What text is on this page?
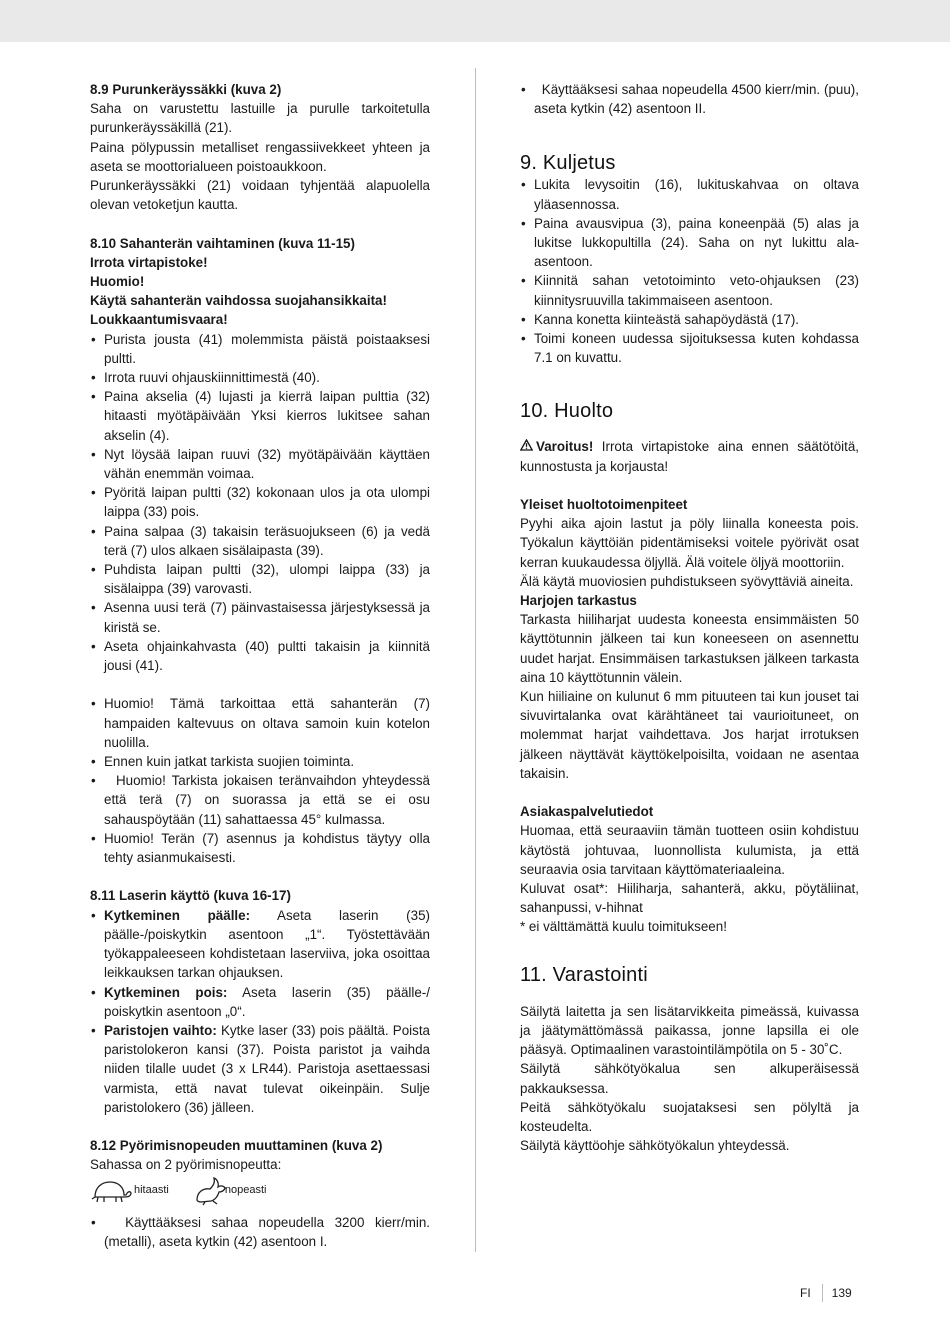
8.9 Purunkeräyssäkki (kuva 2)

Saha on varustettu lastuille ja purulle tarkoitetulla purunkeräyssäkillä (21).

Paina pölypussin metalliset rengassiivekkeet yhteen ja aseta se moottorialueen poistoaukkoon.

Purunkeräyssäkki (21) voidaan tyhjentää alapuolella olevan vetoketjun kautta.

8.10 Sahanterän vaihtaminen (kuva 11-15)

Irrota virtapistoke!

Huomio!

Käytä sahanterän vaihdossa suojahansikkaita!

Loukkaantumisvaara!

• Purista jousta (41) molemmista päistä poistaaksesi pultti.
• Irrota ruuvi ohjauskiinnittimestä (40).
• Paina akselia (4) lujasti ja kierrä laipan pulttia (32) hitaasti myötäpäivään Yksi kierros lukitsee sahan akselin (4).
• Nyt löysää laipan ruuvi (32) myötäpäivään käyttäen vähän enemmän voimaa.
• Pyöritä laipan pultti (32) kokonaan ulos ja ota ulompi laippa (33) pois.
• Paina salpaa (3) takaisin teräsuojukseen (6) ja vedä terä (7) ulos alkaen sisälaipasta (39).
• Puhdista laipan pultti (32), ulompi laippa (33) ja sisälaippa (39) varovasti.
• Asenna uusi terä (7) päinvastaisessa järjestyksessä ja kiristä se.
• Aseta ohjainkahvasta (40) pultti takaisin ja kiinnitä jousi (41).
• Huomio! Tämä tarkoittaa että sahanterän (7) hampaiden kaltevuus on oltava samoin kuin kotelon nuolilla.
• Ennen kuin jatkat tarkista suojien toiminta.
•   Huomio! Tarkista jokaisen teränvaihdon yhteydessä että terä (7) on suorassa ja että se ei osu sahauspöytään (11) sahattaessa 45° kulmassa.
• Huomio! Terän (7) asennus ja kohdistus täytyy olla tehty asianmukaisesti.

8.11 Laserin käyttö (kuva 16-17)

• Kytkeminen päälle: Aseta laserin (35) päälle-/poiskytkin asentoon „1“. Työstettävään työkappaleeseen kohdistetaan laserviiva, joka osoittaa leikkauksen tarkan ohjauksen.
• Kytkeminen pois: Aseta laserin (35) päälle-/ poiskytkin asentoon „0“.
• Paristojen vaihto: Kytke laser (33) pois päältä. Poista paristolokeron kansi (37). Poista paristot ja vaihda niiden tilalle uudet (3 x LR44). Paristoja asettaessasi varmista, että navat tulevat oikeinpäin. Sulje paristolokero (36) jälleen.

8.12 Pyörimisnopeuden muuttaminen (kuva 2)

Sahassa on 2 pyörimisnopeutta:

hitaasti	nopeasti
•   Käyttääksesi sahaa nopeudella 3200 kierr/min. (metalli), aseta kytkin (42) asentoon I.
•   Käyttääksesi sahaa nopeudella 4500 kierr/min. (puu), aseta kytkin (42) asentoon II.
9. Kuljetus
• Lukita levysoitin (16), lukituskahvaa on oltava yläasennossa.
• Paina avausvipua (3), paina koneenpää (5) alas ja lukitse lukkopultilla (24). Saha on nyt lukittu ala-asentoon.
• Kiinnitä sahan vetotoiminto veto-ohjauksen (23) kiinnitysruuvilla takimmaiseen asentoon.
• Kanna konetta kiinteästä sahapöydästä (17).
• Toimi koneen uudessa sijoituksessa kuten kohdassa 7.1 on kuvattu.
10. Huolto

Varoitus! Irrota virtapistoke aina ennen säätötöitä, kunnostusta ja korjausta!

Yleiset huoltotoimenpiteet

Pyyhi aika ajoin lastut ja pöly liinalla koneesta pois. Työkalun käyttöiän pidentämiseksi voitele pyörivät osat kerran kuukaudessa öljyllä. Älä voitele öljyä moottoriin.

Älä käytä muoviosien puhdistukseen syövyttäviä aineita.

Harjojen tarkastus

Tarkasta hiiliharjat uudesta koneesta ensimmäisten 50 käyttötunnin jälkeen tai kun koneeseen on asennettu uudet harjat. Ensimmäisen tarkastuksen jälkeen tarkasta aina 10 käyttötunnin välein.

Kun hiiliaine on kulunut 6 mm pituuteen tai kun jouset tai sivuvirtalanka ovat kärähtäneet tai vaurioituneet, on molemmat harjat vaihdettava. Jos harjat irrotuksen jälkeen näyttävät käyttökelpoisilta, voidaan ne asentaa takaisin.

Asiakaspalvelutiedot

Huomaa, että seuraaviin tämän tuotteen osiin kohdistuu käytöstä johtuvaa, luonnollista kulumista, ja että seuraavia osia tarvitaan käyttömateriaaleina.

Kuluvat osat*: Hiiliharja, sahanterä, akku, pöytäliinat, sahanpussi, v-hihnat

* ei välttämättä kuulu toimitukseen!

11. Varastointi

Säilytä laitetta ja sen lisätarvikkeita pimeässä, kuivassa ja jäätymättömässä paikassa, jonne lapsilla ei ole pääsyä. Optimaalinen varastointilämpötila on 5 - 30˚C.

Säilytä sähkötyökalua sen alkuperäisessä pakkauksessa.

Peitä sähkötyökalu suojataksesi sen pölyltä ja kosteudelta.

Säilytä käyttöohje sähkötyökalun yhteydessä.

FI 139
